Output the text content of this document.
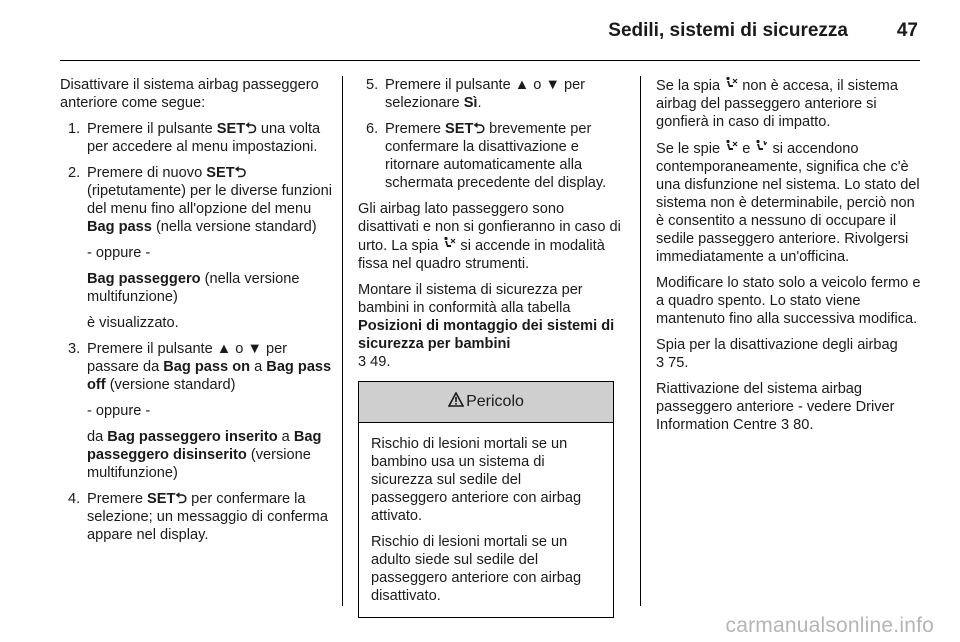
Sedili, sistemi di sicurezza	47

Disattivare il sistema airbag passeggero anteriore come segue:

1. Premere il pulsante SET⮌ una volta per accedere al menu impostazioni.

2. Premere di nuovo SET⮌ (ripetutamente) per le diverse funzioni del menu fino all'opzione del menu Bag pass (nella versione standard)

- oppure -

Bag passeggero (nella versione multifunzione)

è visualizzato.

3. Premere il pulsante ▲ o ▼ per passare da Bag pass on a Bag pass off (versione standard)

- oppure -

da Bag passeggero inserito a Bag passeggero disinserito (versione multifunzione)

4. Premere SET⮌ per confermare la selezione; un messaggio di conferma appare nel display.

5. Premere il pulsante ▲ o ▼ per selezionare Sì.

6. Premere SET⮌ brevemente per confermare la disattivazione e ritornare automaticamente alla schermata precedente del display.

Gli airbag lato passeggero sono disattivati e non si gonfieranno in caso di urto. La spia  si accende in modalità fissa nel quadro strumenti.

Montare il sistema di sicurezza per bambini in conformità alla tabella Posizioni di montaggio dei sistemi di sicurezza per bambini
3 49.

Pericolo

Rischio di lesioni mortali se un bambino usa un sistema di sicurezza sul sedile del passeggero anteriore con airbag attivato.

Rischio di lesioni mortali se un adulto siede sul sedile del passeggero anteriore con airbag disattivato.

Se la spia  non è accesa, il sistema airbag del passeggero anteriore si gonfierà in caso di impatto.

Se le spie  e  si accendono contemporaneamente, significa che c'è una disfunzione nel sistema. Lo stato del sistema non è determinabile, perciò non è consentito a nessuno di occupare il sedile passeggero anteriore. Rivolgersi immediatamente a un'officina.

Modificare lo stato solo a veicolo fermo e a quadro spento. Lo stato viene mantenuto fino alla successiva modifica.

Spia per la disattivazione degli airbag
3 75.

Riattivazione del sistema airbag passeggero anteriore - vedere Driver Information Centre 3 80.

carmanualsonline.info
